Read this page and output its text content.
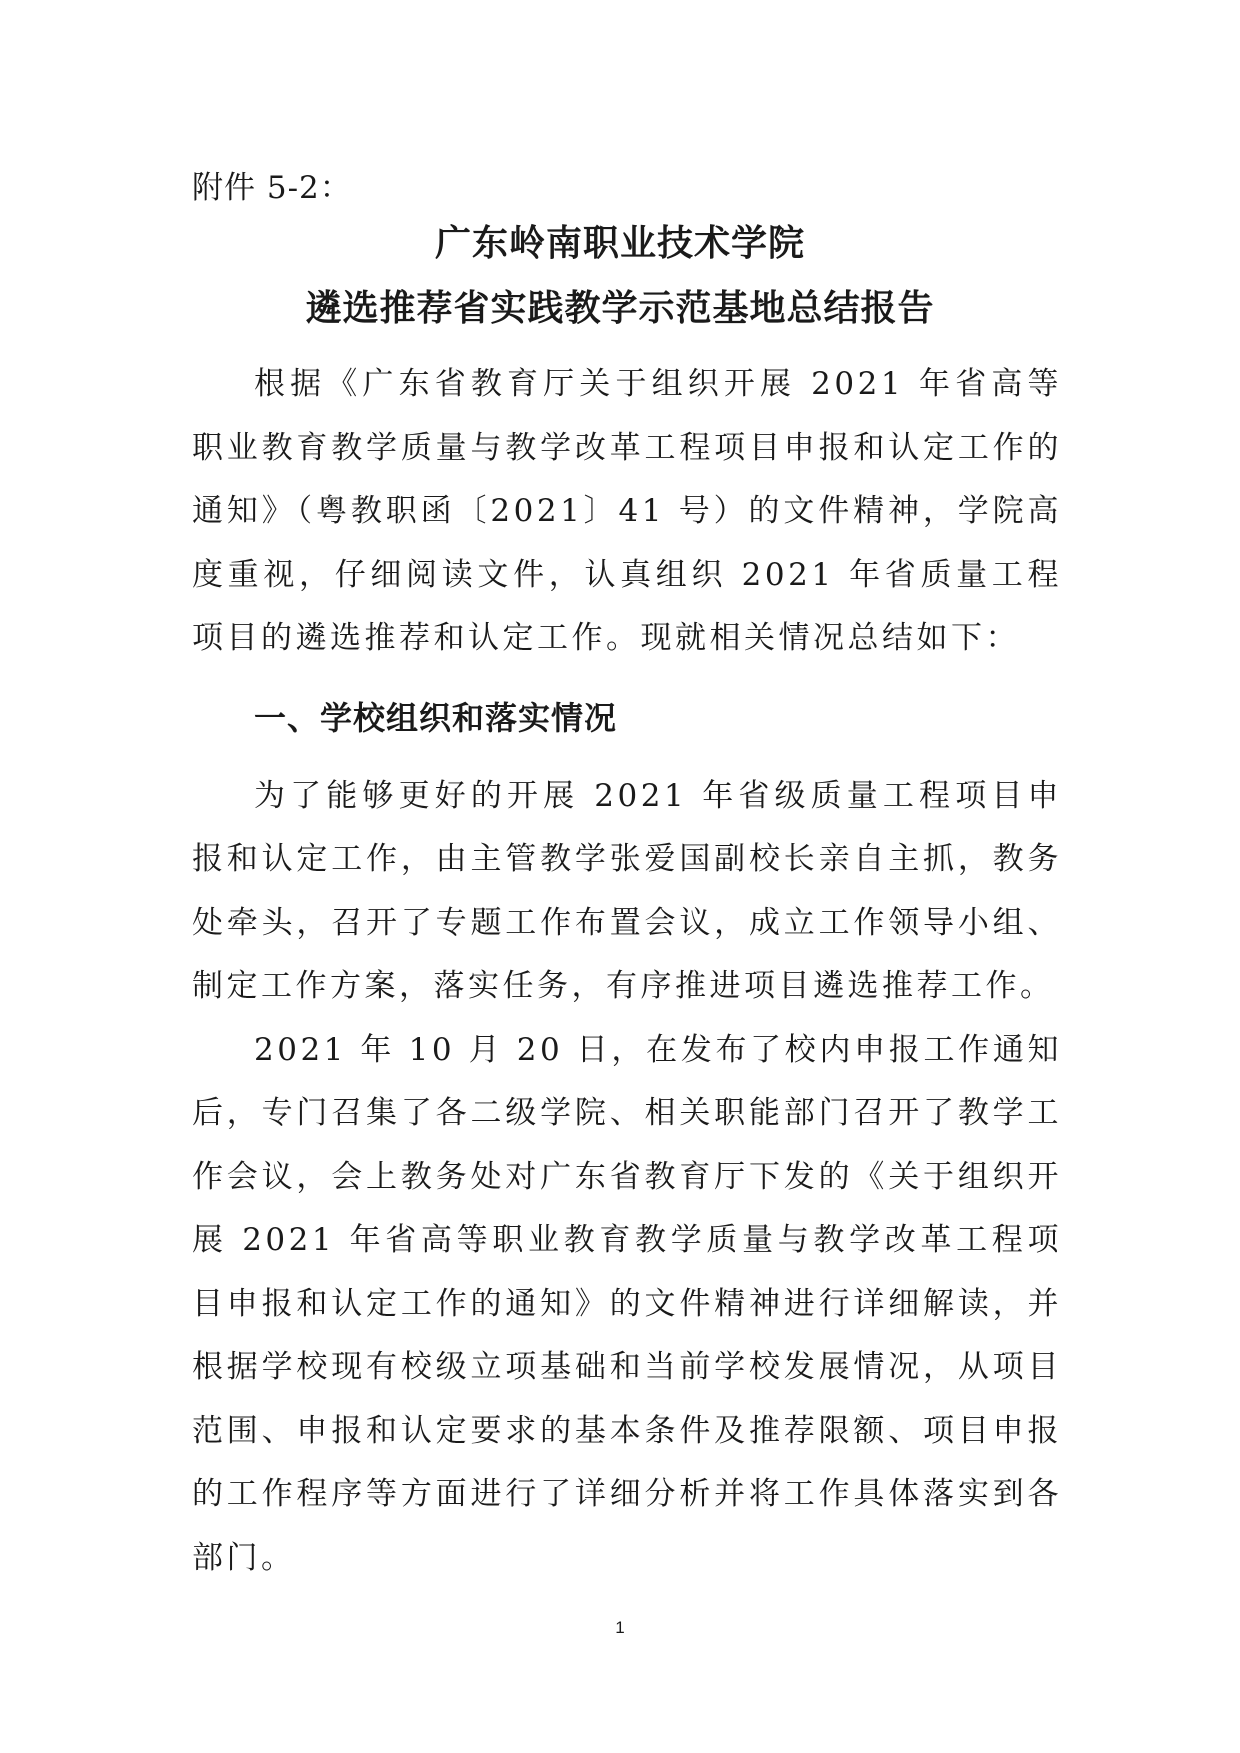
附件 5-2：

广东岭南职业技术学院
遴选推荐省实践教学示范基地总结报告

根据《广东省教育厅关于组织开展 2021 年省高等职业教育教学质量与教学改革工程项目申报和认定工作的通知》（粤教职函〔2021〕41 号）的文件精神，学院高度重视，仔细阅读文件，认真组织 2021 年省质量工程项目的遴选推荐和认定工作。现就相关情况总结如下：

一、学校组织和落实情况

为了能够更好的开展 2021 年省级质量工程项目申报和认定工作，由主管教学张爱国副校长亲自主抓，教务处牵头，召开了专题工作布置会议，成立工作领导小组、制定工作方案，落实任务，有序推进项目遴选推荐工作。

2021 年 10 月 20 日，在发布了校内申报工作通知后，专门召集了各二级学院、相关职能部门召开了教学工作会议，会上教务处对广东省教育厅下发的《关于组织开展 2021 年省高等职业教育教学质量与教学改革工程项目申报和认定工作的通知》的文件精神进行详细解读，并根据学校现有校级立项基础和当前学校发展情况，从项目范围、申报和认定要求的基本条件及推荐限额、项目申报的工作程序等方面进行了详细分析并将工作具体落实到各部门。

1
